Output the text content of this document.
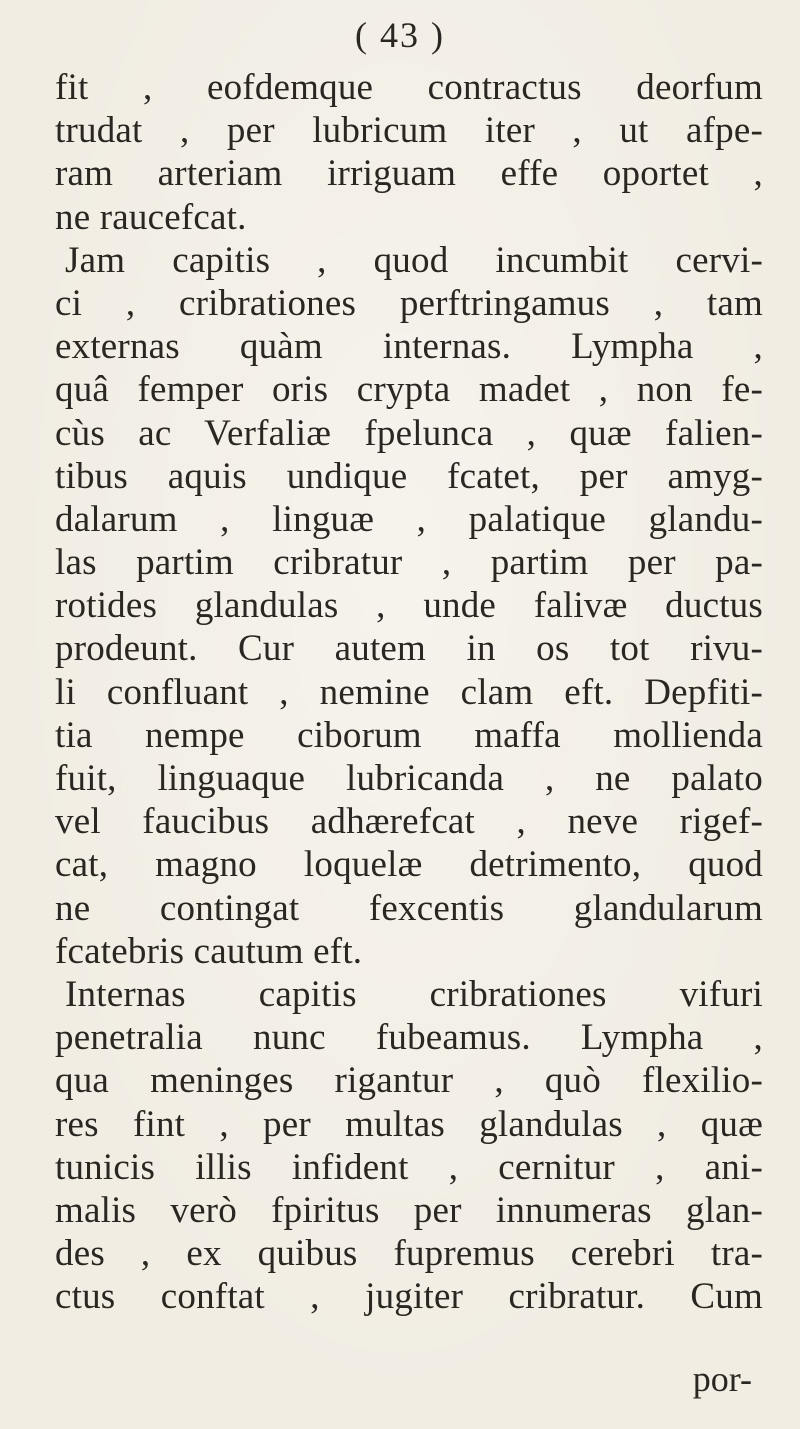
( 43 )
fit , eofdemque contractus deorfum
trudat , per lubricum iter , ut afpe-
ram arteriam irriguam effe oportet ,
ne raucefcat.
Jam capitis , quod incumbit cervi-
ci , cribrationes perftringamus , tam
externas quàm internas. Lympha ,
quâ femper oris crypta madet , non fe-
cùs ac Verfaliæ fpelunca , quæ falien-
tibus aquis undique fcatet, per amyg-
dalarum , linguæ , palatique glandu-
las partim cribratur , partim per pa-
rotides glandulas , unde falivæ ductus
prodeunt. Cur autem in os tot rivu-
li confluant , nemine clam eft. Depfiti-
tia nempe ciborum maffa mollienda
fuit, linguaque lubricanda , ne palato
vel faucibus adhærefcat , neve rigef-
cat, magno loquelæ detrimento, quod
ne contingat fexcentis glandularum
fcatebris cautum eft.
Internas capitis cribrationes vifuri
penetralia nunc fubeamus. Lympha ,
qua meninges rigantur , quò flexilio-
res fint , per multas glandulas , quæ
tunicis illis infident , cernitur , ani-
malis verò fpiritus per innumeras glan-
des , ex quibus fupremus cerebri tra-
ctus conftat , jugiter cribratur. Cum
por-
